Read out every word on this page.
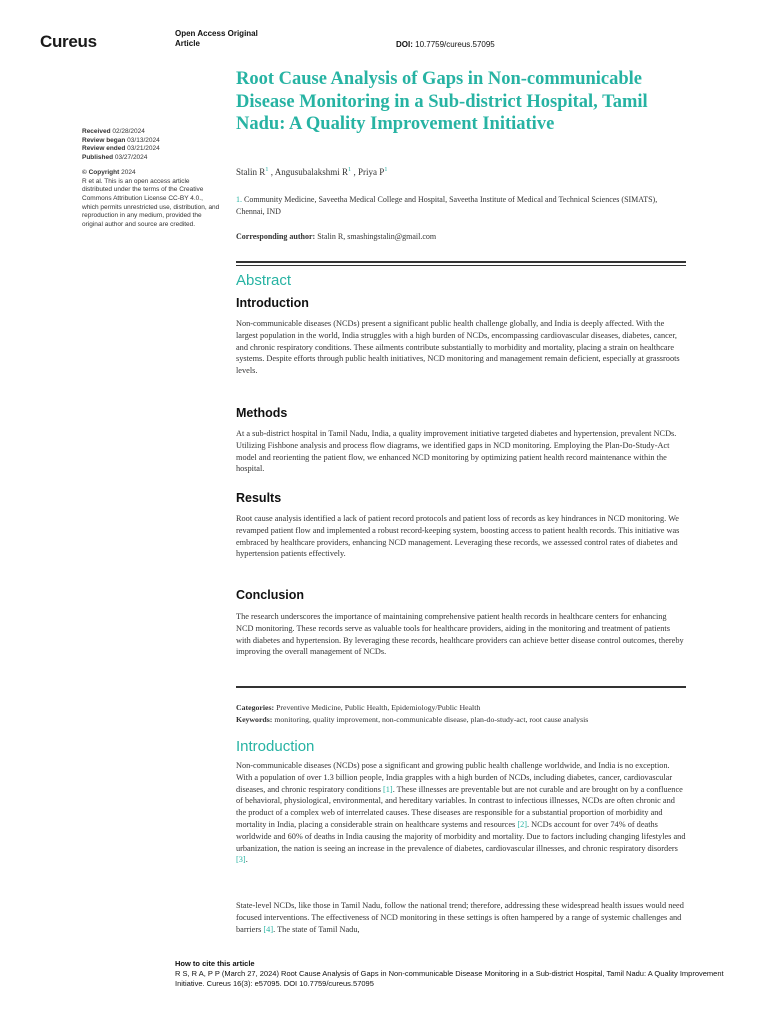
Cureus	Open Access Original
Article	DOI: 10.7759/cureus.57095
Received 02/28/2024
Review began 03/13/2024
Review ended 03/21/2024
Published 03/27/2024
© Copyright 2024
R et al. This is an open access article distributed under the terms of the Creative Commons Attribution License CC-BY 4.0., which permits unrestricted use, distribution, and reproduction in any medium, provided the original author and source are credited.
Root Cause Analysis of Gaps in Non-communicable Disease Monitoring in a Sub-district Hospital, Tamil Nadu: A Quality Improvement Initiative
Stalin $R^1$ , Angusubalakshmi $R^1$ , Priya $P^1$
1. Community Medicine, Saveetha Medical College and Hospital, Saveetha Institute of Medical and Technical Sciences (SIMATS), Chennai, IND
Corresponding author: Stalin R, smashingstalin@gmail.com
Abstract
Introduction

Non-communicable diseases (NCDs) present a significant public health challenge globally, and India is deeply affected. With the largest population in the world, India struggles with a high burden of NCDs, encompassing cardiovascular diseases, diabetes, cancer, and chronic respiratory conditions. These ailments contribute substantially to morbidity and mortality, placing a strain on healthcare systems. Despite efforts through public health initiatives, NCD monitoring and management remain deficient, especially at grassroots levels.

Methods

At a sub-district hospital in Tamil Nadu, India, a quality improvement initiative targeted diabetes and hypertension, prevalent NCDs. Utilizing Fishbone analysis and process flow diagrams, we identified gaps in NCD monitoring. Employing the Plan-Do-Study-Act model and reorienting the patient flow, we enhanced NCD monitoring by optimizing patient health record maintenance within the hospital.

Results

Root cause analysis identified a lack of patient record protocols and patient loss of records as key hindrances in NCD monitoring. We revamped patient flow and implemented a robust record-keeping system, boosting access to patient health records. This initiative was embraced by healthcare providers, enhancing NCD management. Leveraging these records, we assessed control rates of diabetes and hypertension patients effectively.

Conclusion

The research underscores the importance of maintaining comprehensive patient health records in healthcare centers for enhancing NCD monitoring. These records serve as valuable tools for healthcare providers, aiding in the monitoring and treatment of patients with diabetes and hypertension. By leveraging these records, healthcare providers can achieve better disease control outcomes, thereby improving the overall management of NCDs.

Categories: Preventive Medicine, Public Health, Epidemiology/Public Health
Keywords: monitoring, quality improvement, non-communicable disease, plan-do-study-act, root cause analysis
Introduction

Non-communicable diseases (NCDs) pose a significant and growing public health challenge worldwide, and India is no exception. With a population of over 1.3 billion people, India grapples with a high burden of NCDs, including diabetes, cancer, cardiovascular diseases, and chronic respiratory conditions [1]. These illnesses are preventable but are not curable and are brought on by a confluence of behavioral, physiological, environmental, and hereditary variables. In contrast to infectious illnesses, NCDs are often chronic and the product of a complex web of interrelated causes. These diseases are responsible for a substantial proportion of morbidity and mortality in India, placing a considerable strain on healthcare systems and resources [2]. NCDs account for over 74% of deaths worldwide and 60% of deaths in India causing the majority of morbidity and mortality. Due to factors including changing lifestyles and urbanization, the nation is seeing an increase in the prevalence of diabetes, cardiovascular illnesses, and chronic respiratory disorders [3].

State-level NCDs, like those in Tamil Nadu, follow the national trend; therefore, addressing these widespread health issues would need focused interventions. The effectiveness of NCD monitoring in these settings is often hampered by a range of systemic challenges and barriers [4]. The state of Tamil Nadu,

How to cite this article
R S, R A, P P (March 27, 2024) Root Cause Analysis of Gaps in Non-communicable Disease Monitoring in a Sub-district Hospital, Tamil Nadu: A Quality Improvement Initiative. Cureus 16(3): e57095. DOI 10.7759/cureus.57095
